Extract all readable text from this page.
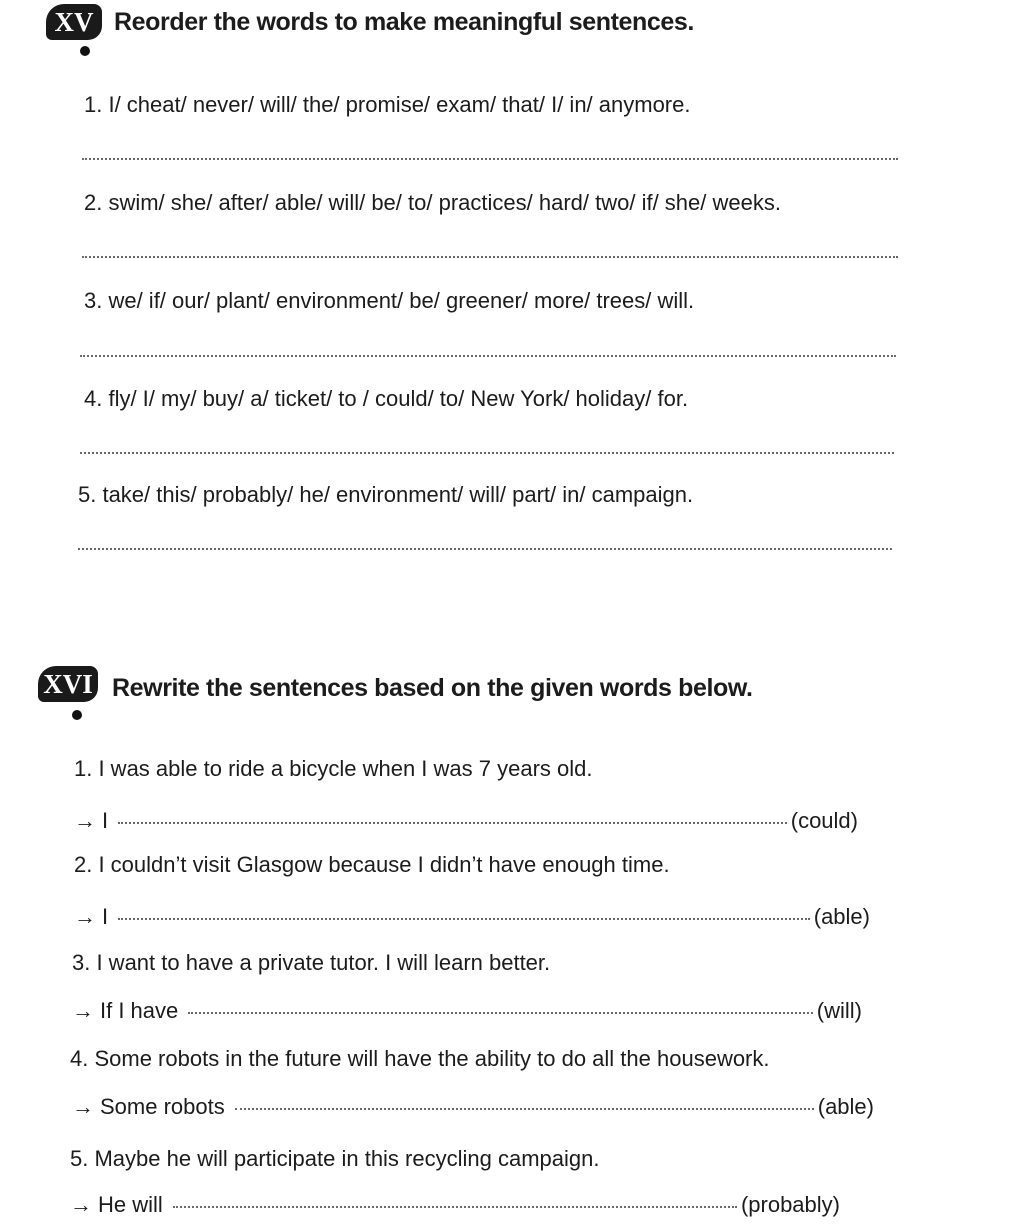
XV Reorder the words to make meaningful sentences.
1. I/ cheat/ never/ will/ the/ promise/ exam/ that/ I/ in/ anymore.
2. swim/ she/ after/ able/ will/ be/ to/ practices/ hard/ two/ if/ she/ weeks.
3. we/ if/ our/ plant/ environment/ be/ greener/ more/ trees/ will.
4. fly/ I/ my/ buy/ a/ ticket/ to / could/ to/ New York/ holiday/ for.
5. take/ this/ probably/ he/ environment/ will/ part/ in/ campaign.
XVI Rewrite the sentences based on the given words below.
1. I was able to ride a bicycle when I was 7 years old.
→ I	(could)
2. I couldn’t visit Glasgow because I didn’t have enough time.
→ I	(able)
3. I want to have a private tutor. I will learn better.
→ If I have	(will)
4. Some robots in the future will have the ability to do all the housework.
→ Some robots	(able)
5. Maybe he will participate in this recycling campaign.
→ He will	(probably)
